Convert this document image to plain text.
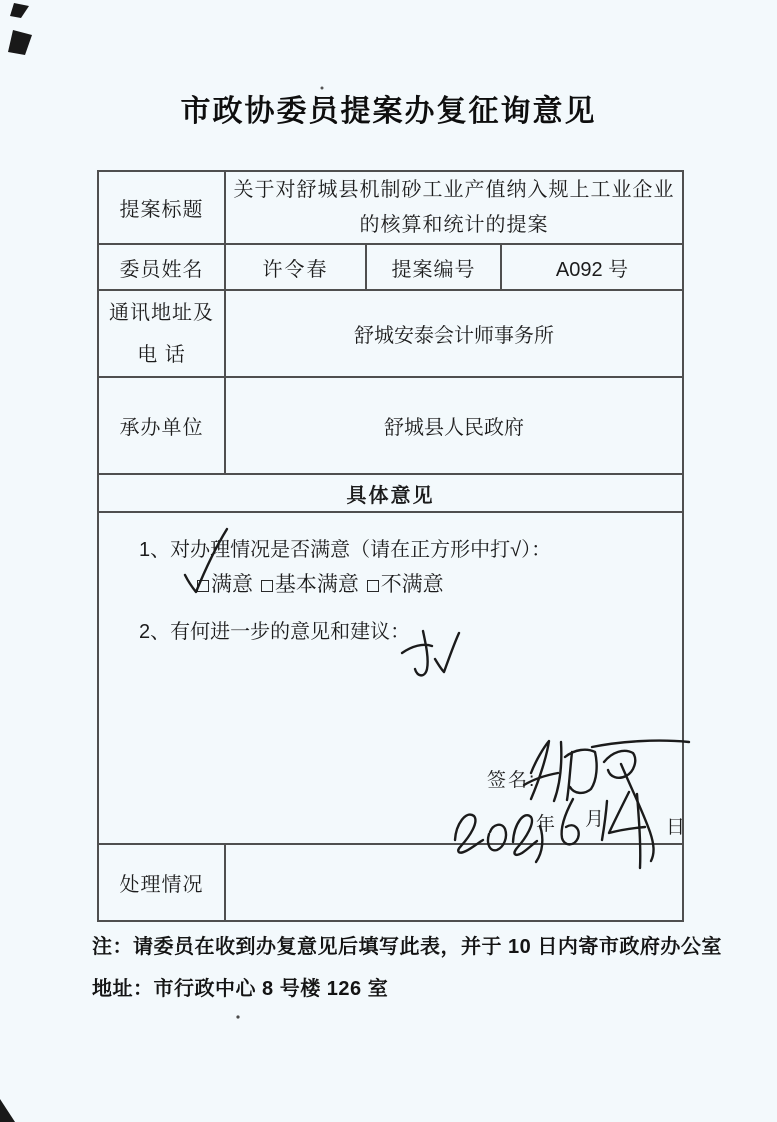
市政协委员提案办复征询意见
提案标题	关于对舒城县机制砂工业产值纳入规上工业企业
的核算和统计的提案		

委员姓名	许令春	提案编号	A092 号

通讯地址及
电 话	舒城安泰会计师事务所		
承办单位	舒城县人民政府		
具体意见			

1、对办理情况是否满意（请在正方形中打√）：
满意 基本满意 不满意
2、有何进一步的意见和建议：
签名:
年 月	日

处理情况			
注：请委员在收到办复意见后填写此表，并于 10 日内寄市政府办公室
地址：市行政中心 8 号楼 126 室
